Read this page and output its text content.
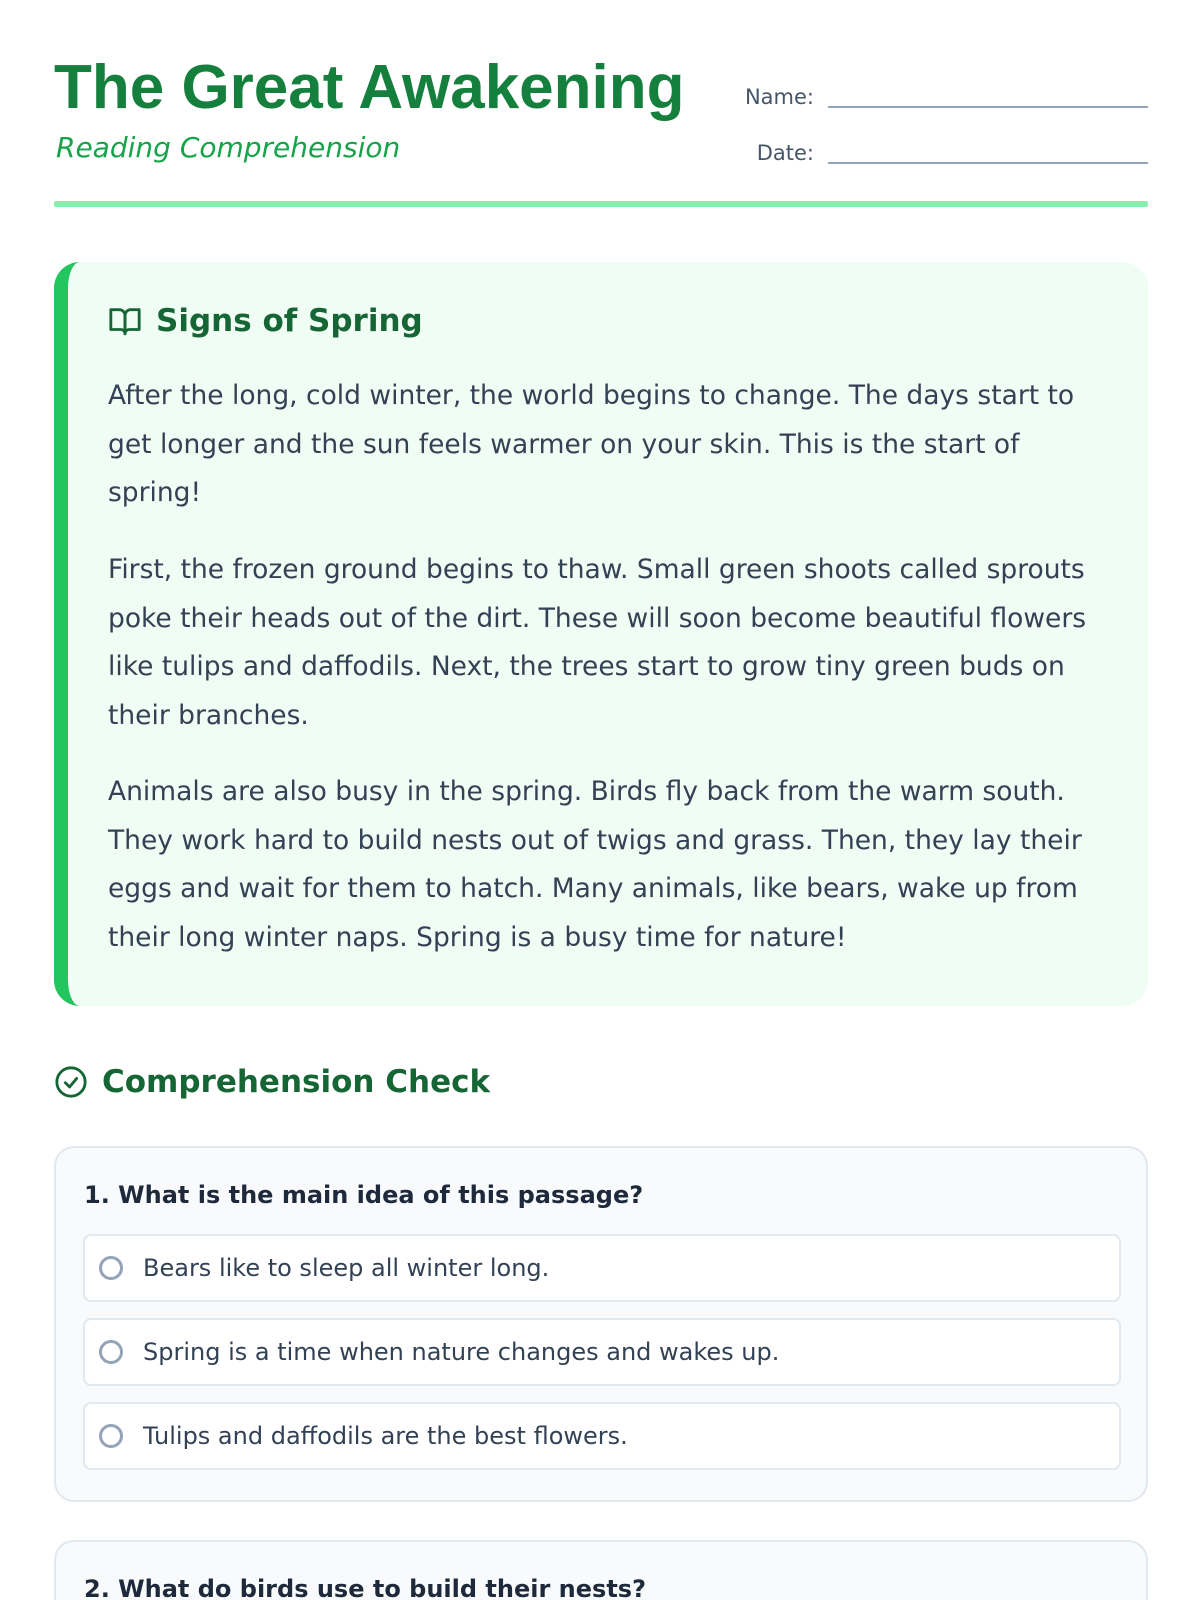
The Great Awakening

Reading Comprehension

Name:
Date:
Signs of Spring

After the long, cold winter, the world begins to change. The days start to get longer and the sun feels warmer on your skin. This is the start of spring!

First, the frozen ground begins to thaw. Small green shoots called sprouts poke their heads out of the dirt. These will soon become beautiful flowers like tulips and daffodils. Next, the trees start to grow tiny green buds on their branches.

Animals are also busy in the spring. Birds fly back from the warm south. They work hard to build nests out of twigs and grass. Then, they lay their eggs and wait for them to hatch. Many animals, like bears, wake up from their long winter naps. Spring is a busy time for nature!

Comprehension Check

1. What is the main idea of this passage?

Bears like to sleep all winter long.
Spring is a time when nature changes and wakes up.
Tulips and daffodils are the best flowers.

2. What do birds use to build their nests?
